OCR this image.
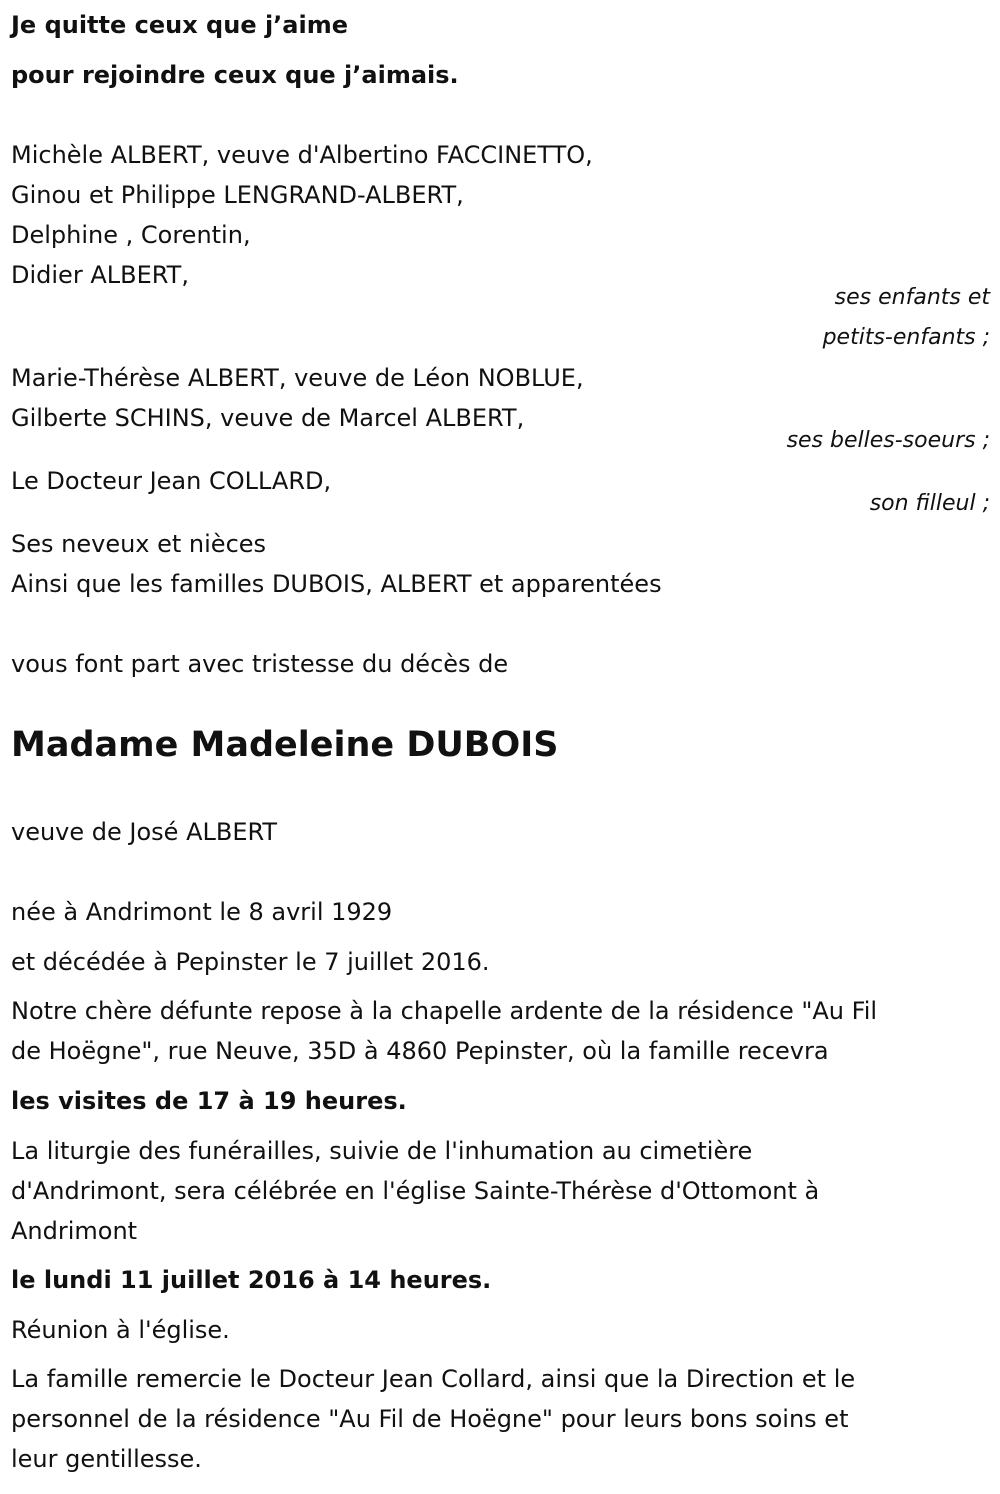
Je quitte ceux que j’aime

pour rejoindre ceux que j’aimais.

Michèle ALBERT, veuve d'Albertino FACCINETTO,

Ginou et Philippe LENGRAND-ALBERT,

Delphine , Corentin,

Didier ALBERT,

ses enfants et

petits-enfants ;

Marie-Thérèse ALBERT, veuve de Léon NOBLUE,

Gilberte SCHINS, veuve de Marcel ALBERT,

ses belles-soeurs ;

Le Docteur Jean COLLARD,

son filleul ;

Ses neveux et nièces

Ainsi que les familles DUBOIS, ALBERT et apparentées

vous font part avec tristesse du décès de

Madame Madeleine DUBOIS

veuve de José ALBERT

née à Andrimont le 8 avril 1929

et décédée à Pepinster le 7 juillet 2016.

Notre chère défunte repose à la chapelle ardente de la résidence "Au Fil

de Hoëgne", rue Neuve, 35D à 4860 Pepinster, où la famille recevra

les visites de 17 à 19 heures.

La liturgie des funérailles, suivie de l'inhumation au cimetière

d'Andrimont, sera célébrée en l'église Sainte-Thérèse d'Ottomont à

Andrimont

le lundi 11 juillet 2016 à 14 heures.

Réunion à l'église.

La famille remercie le Docteur Jean Collard, ainsi que la Direction et le

personnel de la résidence "Au Fil de Hoëgne" pour leurs bons soins et

leur gentillesse.
